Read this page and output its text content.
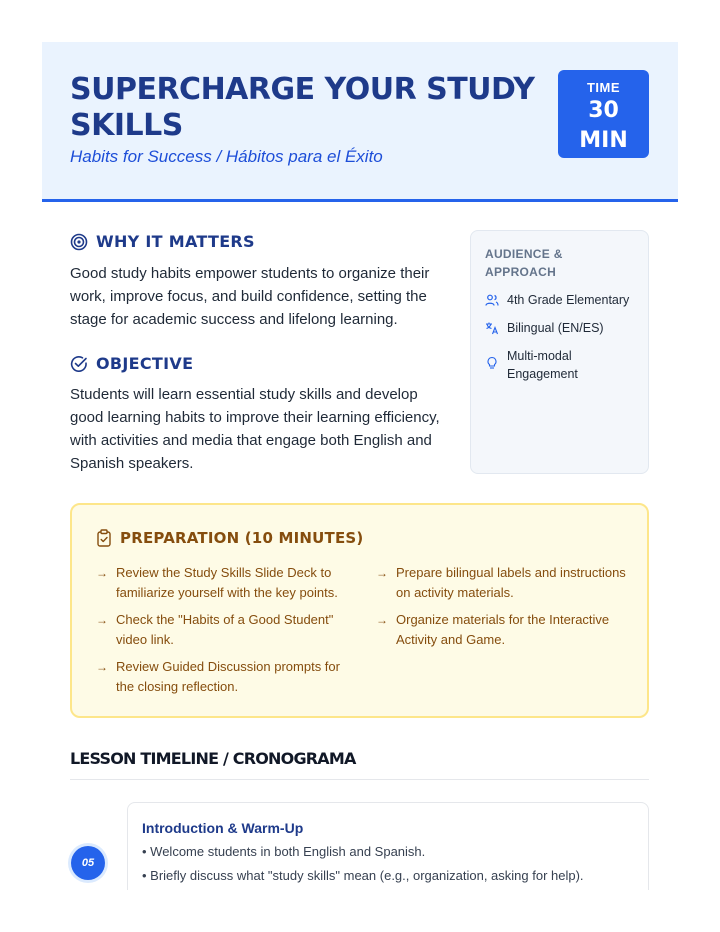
SUPERCHARGE YOUR STUDY SKILLS
Habits for Success / Hábitos para el Éxito
TIME
30
MIN
WHY IT MATTERS
Good study habits empower students to organize their work, improve focus, and build confidence, setting the stage for academic success and lifelong learning.
OBJECTIVE
Students will learn essential study skills and develop good learning habits to improve their learning efficiency, with activities and media that engage both English and Spanish speakers.
AUDIENCE & APPROACH
4th Grade Elementary
Bilingual (EN/ES)
Multi-modal Engagement
PREPARATION (10 MINUTES)
→ Review the Study Skills Slide Deck to familiarize yourself with the key points.
→ Prepare bilingual labels and instructions on activity materials.
→ Check the "Habits of a Good Student" video link.
→ Organize materials for the Interactive Activity and Game.
→ Review Guided Discussion prompts for the closing reflection.
LESSON TIMELINE / CRONOGRAMA
05
Introduction & Warm-Up
• Welcome students in both English and Spanish.
• Briefly discuss what "study skills" mean (e.g., organization, asking for help).
